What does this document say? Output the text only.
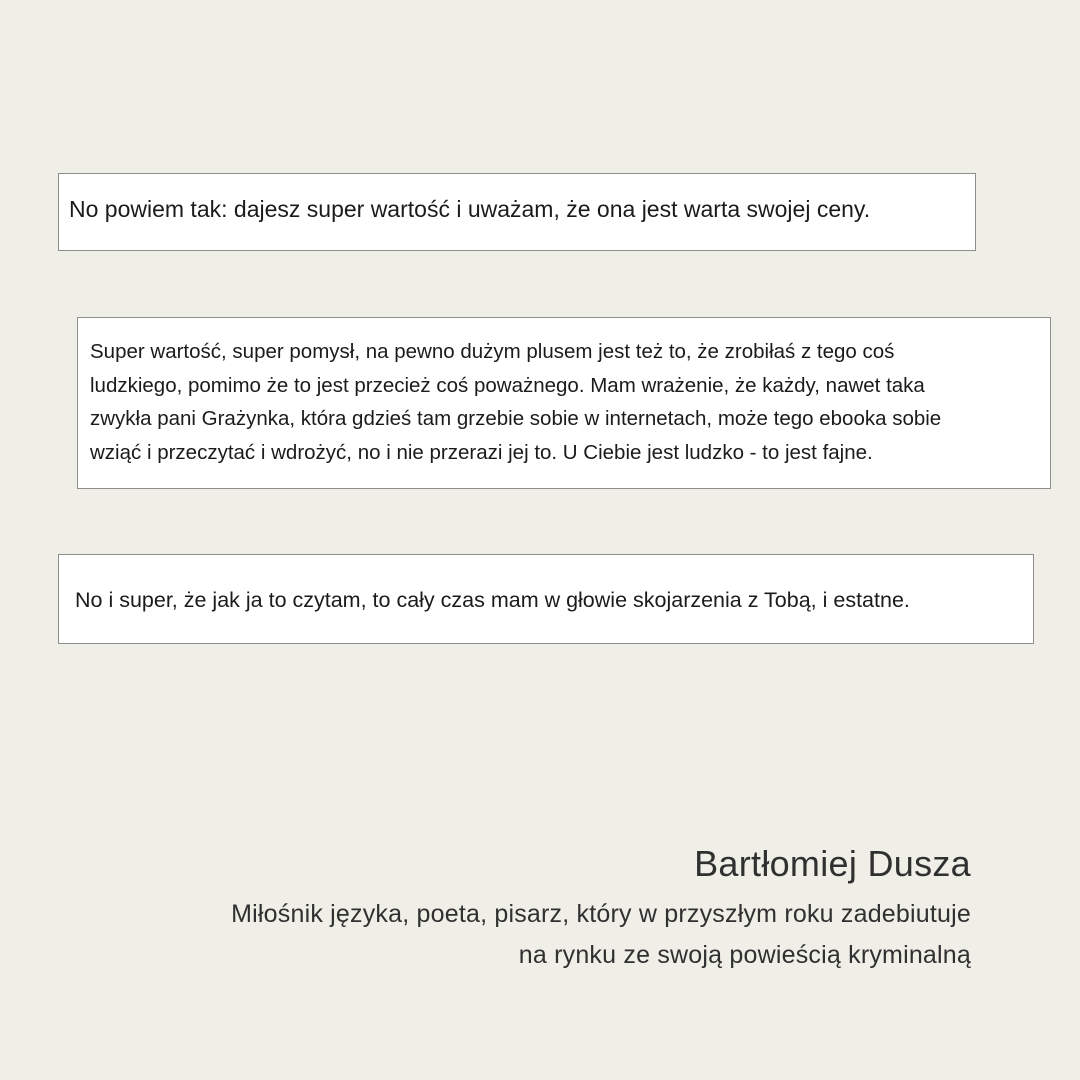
No powiem tak: dajesz super wartość i uważam, że ona jest warta swojej ceny.

Super wartość, super pomysł, na pewno dużym plusem jest też to, że zrobiłaś z tego coś
ludzkiego, pomimo że to jest przecież coś poważnego. Mam wrażenie, że każdy, nawet taka
zwykła pani Grażynka, która gdzieś tam grzebie sobie w internetach, może tego ebooka sobie
wziąć i przeczytać i wdrożyć, no i nie przerazi jej to. U Ciebie jest ludzko - to jest fajne.

No i super, że jak ja to czytam, to cały czas mam w głowie skojarzenia z Tobą, i estatne.

Bartłomiej Dusza

Miłośnik języka, poeta, pisarz, który w przyszłym roku zadebiutuje
na rynku ze swoją powieścią kryminalną
